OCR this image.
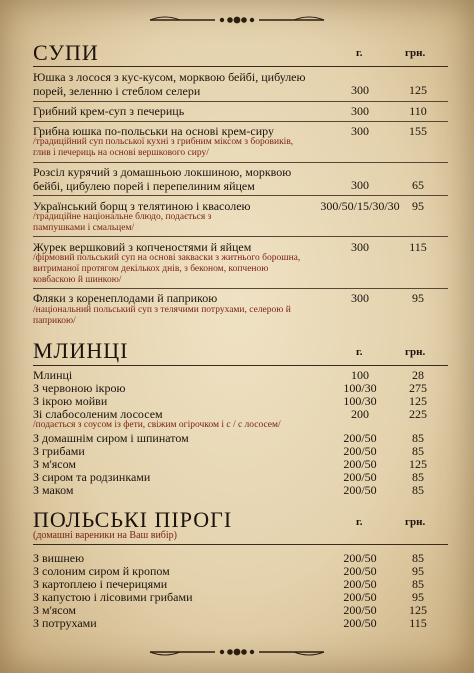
СУПИ	г.	грн.
Юшка з лосося з кус-кусом, морквою бейбі, цибулею порей, зеленню і стеблом селери	300	125
Грибний крем-суп з печериць	300	110
Грибна юшка по-польськи на основі крем-сиру	300	155
/традиційний суп польської кухні з грибним міксом з боровиків, глив і печериць на основі вершкового сиру/
Розсіл курячий з домашньою локшиною, морквою бейбі, цибулею порей і перепелиним яйцем	300	65
Український борщ з телятиною і квасолею	300/50/15/30/30	95
/традиційне національне блюдо, подається з пампушками і смальцем/
Журек вершковий з копченостями й яйцем	300	115
/фірмовий польський суп на основі закваски з житнього борошна, витриманої протягом декількох днів, з беконом, копченою ковбаскою й шинкою/
Фляки з коренеплодами й паприкою	300	95
/національний польський суп з телячими потрухами, селерою й паприкою/
МЛИНЦІ	г.	грн.
Млинці	100	28
З червоною ікрою	100/30	275
З ікрою мойви	100/30	125
Зі слабосоленим лососем	200	225
/подається з соусом із фети, свіжим огірочком і с / с лососем/
З домашнім сиром і шпинатом	200/50	85
З грибами	200/50	85
З м'ясом	200/50	125
З сиром та родзинками	200/50	85
З маком	200/50	85
ПОЛЬСЬКІ ПІРОГІ	г.	грн.
(домашні вареники на Ваш вибір)
З вишнею	200/50	85
З солоним сиром й кропом	200/50	95
З картоплею і печерицями	200/50	85
З капустою і лісовими грибами	200/50	95
З м'ясом	200/50	125
З потрухами	200/50	115
